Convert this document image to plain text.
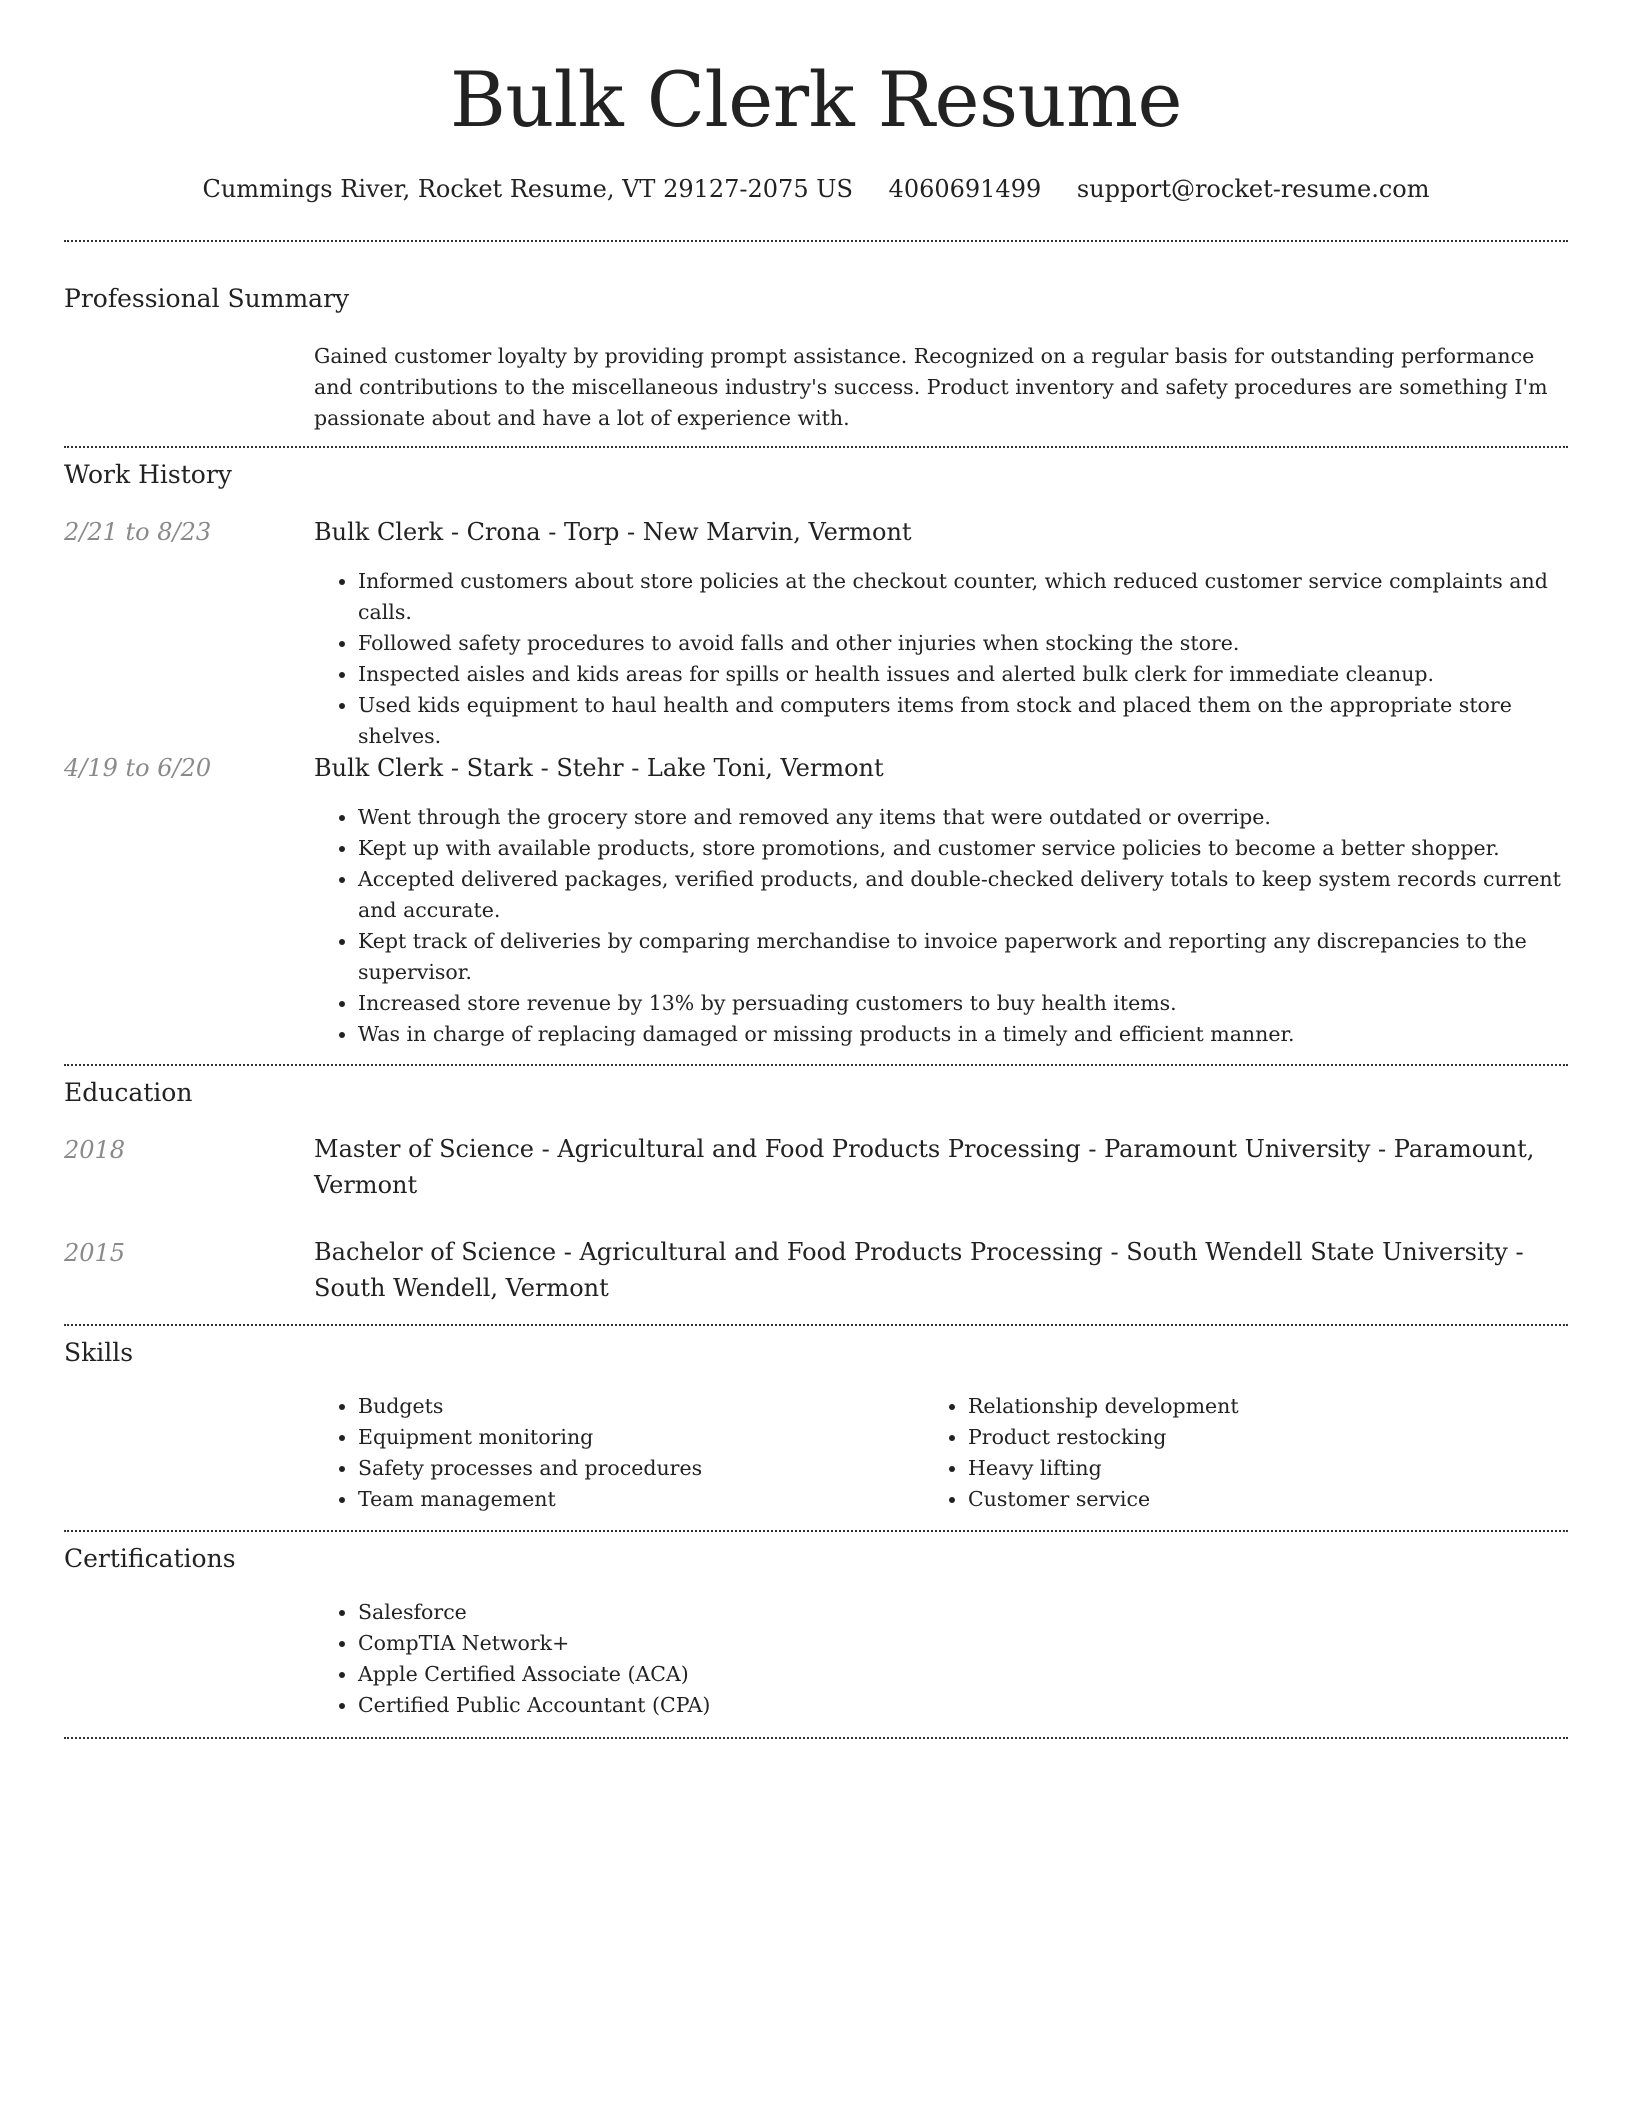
Bulk Clerk Resume
Cummings River, Rocket Resume, VT 29127-2075 US 4060691499 support@rocket-resume.com
Professional Summary
Gained customer loyalty by providing prompt assistance. Recognized on a regular basis for outstanding performance and contributions to the miscellaneous industry's success. Product inventory and safety procedures are something I'm passionate about and have a lot of experience with.
Work History
2/21 to 8/23	Bulk Clerk - Crona - Torp - New Marvin, Vermont
• Informed customers about store policies at the checkout counter, which reduced customer service complaints and calls.
• Followed safety procedures to avoid falls and other injuries when stocking the store.
• Inspected aisles and kids areas for spills or health issues and alerted bulk clerk for immediate cleanup.
• Used kids equipment to haul health and computers items from stock and placed them on the appropriate store shelves.
4/19 to 6/20	Bulk Clerk - Stark - Stehr - Lake Toni, Vermont
• Went through the grocery store and removed any items that were outdated or overripe.
• Kept up with available products, store promotions, and customer service policies to become a better shopper.
• Accepted delivered packages, verified products, and double-checked delivery totals to keep system records current and accurate.
• Kept track of deliveries by comparing merchandise to invoice paperwork and reporting any discrepancies to the supervisor.
• Increased store revenue by 13% by persuading customers to buy health items.
• Was in charge of replacing damaged or missing products in a timely and efficient manner.
Education
2018	Master of Science - Agricultural and Food Products Processing - Paramount University - Paramount, Vermont
2015	Bachelor of Science - Agricultural and Food Products Processing - South Wendell State University - South Wendell, Vermont
Skills
• Budgets
• Equipment monitoring
• Safety processes and procedures
• Team management
• Relationship development
• Product restocking
• Heavy lifting
• Customer service
Certifications
• Salesforce
• CompTIA Network+
• Apple Certified Associate (ACA)
• Certified Public Accountant (CPA)
